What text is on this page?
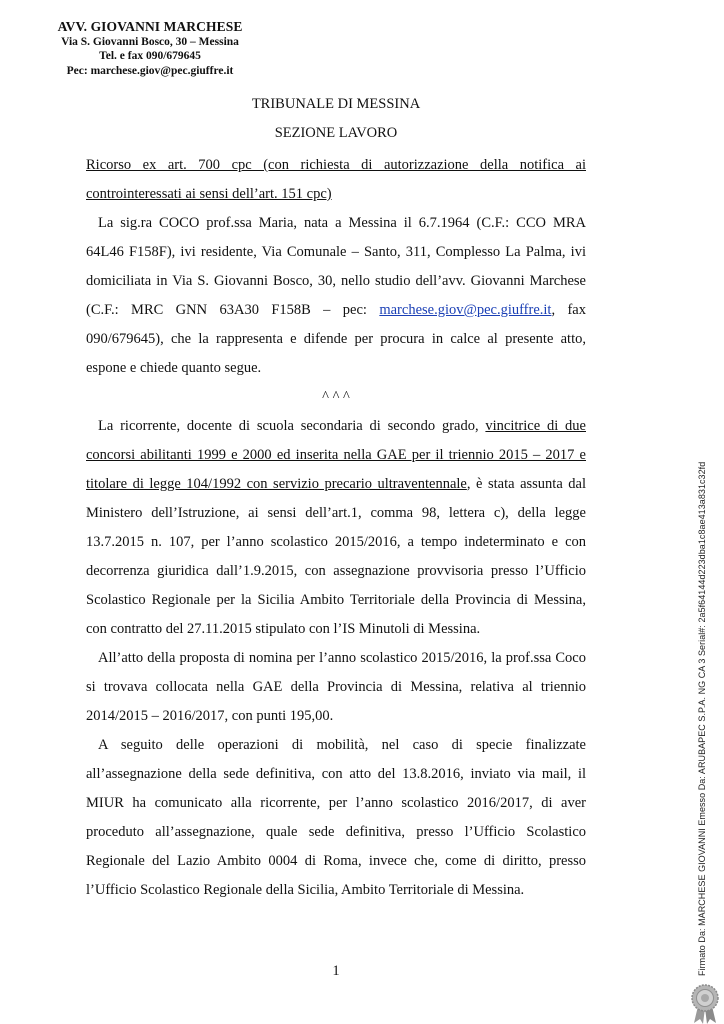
AVV. GIOVANNI MARCHESE
Via S. Giovanni Bosco, 30 – Messina
Tel. e fax 090/679645
Pec: marchese.giov@pec.giuffre.it
TRIBUNALE DI MESSINA
SEZIONE LAVORO

Ricorso ex art. 700 cpc (con richiesta di autorizzazione della notifica ai controinteressati ai sensi dell’art. 151 cpc)

La sig.ra COCO prof.ssa Maria, nata a Messina il 6.7.1964 (C.F.: CCO MRA 64L46 F158F), ivi residente, Via Comunale – Santo, 311, Complesso La Palma, ivi domiciliata in Via S. Giovanni Bosco, 30, nello studio dell’avv. Giovanni Marchese (C.F.: MRC GNN 63A30 F158B – pec: marchese.giov@pec.giuffre.it, fax 090/679645), che la rappresenta e difende per procura in calce al presente atto, espone e chiede quanto segue.

^ ^ ^

La ricorrente, docente di scuola secondaria di secondo grado, vincitrice di due concorsi abilitanti 1999 e 2000 ed inserita nella GAE per il triennio 2015 – 2017 e titolare di legge 104/1992 con servizio precario ultraventennale, è stata assunta dal Ministero dell’Istruzione, ai sensi dell’art.1, comma 98, lettera c), della legge 13.7.2015 n. 107, per l’anno scolastico 2015/2016, a tempo indeterminato e con decorrenza giuridica dall’1.9.2015, con assegnazione provvisoria presso l’Ufficio Scolastico Regionale per la Sicilia Ambito Territoriale della Provincia di Messina, con contratto del 27.11.2015 stipulato con l’IS Minutoli di Messina.

All’atto della proposta di nomina per l’anno scolastico 2015/2016, la prof.ssa Coco si trovava collocata nella GAE della Provincia di Messina, relativa al triennio 2014/2015 – 2016/2017, con punti 195,00.

A seguito delle operazioni di mobilità, nel caso di specie finalizzate all’assegnazione della sede definitiva, con atto del 13.8.2016, inviato via mail, il MIUR ha comunicato alla ricorrente, per l’anno scolastico 2016/2017, di aver proceduto all’assegnazione, quale sede definitiva, presso l’Ufficio Scolastico Regionale del Lazio Ambito 0004 di Roma, invece che, come di diritto, presso l’Ufficio Scolastico Regionale della Sicilia, Ambito Territoriale di Messina.

1	Firmato Da: MARCHESE GIOVANNI Emesso Da: ARUBAPEC S.P.A. NG CA 3 Serial#: 2a5f64144d223dba1c8ae413a831c32fd
